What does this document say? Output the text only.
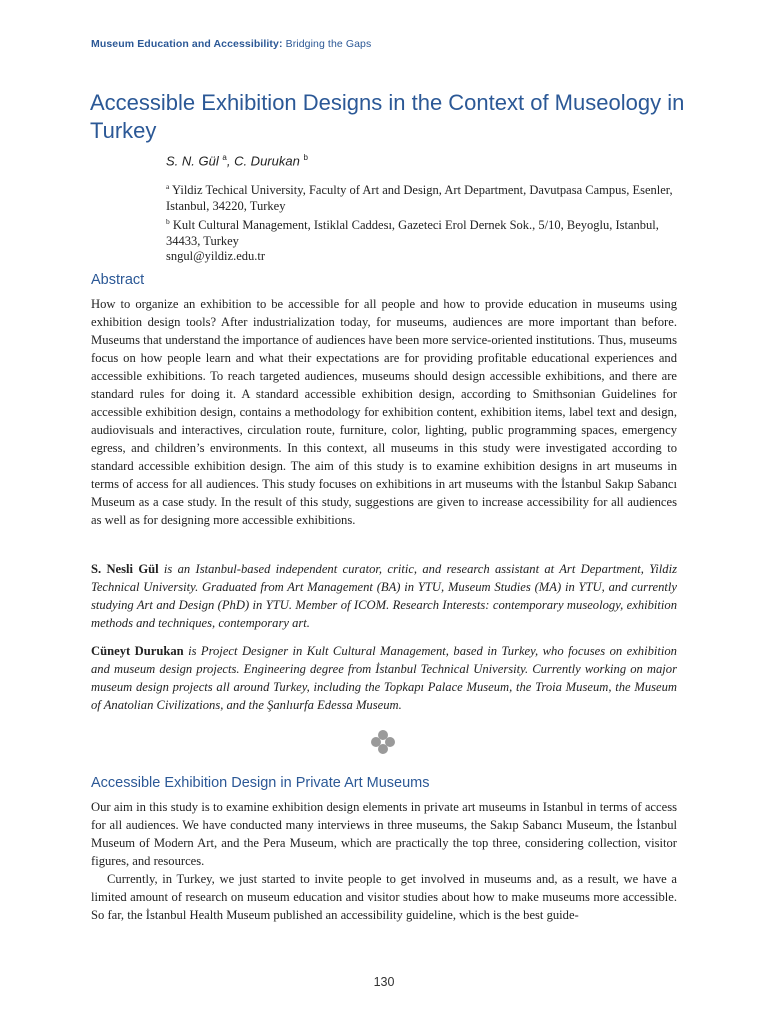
Museum Education and Accessibility: Bridging the Gaps
Accessible Exhibition Designs in the Context of Museology in Turkey
S. N. Gül $^a$, C. Durukan $^b$
$^a$ Yildiz Techical University, Faculty of Art and Design, Art Department, Davutpasa Campus, Esenler, Istanbul, 34220, Turkey
$^b$ Kult Cultural Management, Istiklal Caddesı, Gazeteci Erol Dernek Sok., 5/10, Beyoglu, Istanbul, 34433, Turkey
sngul@yildiz.edu.tr
Abstract

How to organize an exhibition to be accessible for all people and how to provide education in museums using exhibition design tools? After industrialization today, for museums, audiences are more important than before. Museums that understand the importance of audiences have been more service-oriented institutions. Thus, museums focus on how people learn and what their expectations are for providing profitable educational experiences and accessible exhibitions. To reach targeted audiences, museums should design accessible exhibitions, and there are standard rules for doing it. A standard accessible exhibition design, according to Smithsonian Guidelines for accessible exhibition design, contains a methodology for exhibition content, exhibition items, label text and design, audiovisuals and interactives, circulation route, furniture, color, lighting, public programming spaces, emergency egress, and children’s environments. In this context, all museums in this study were investigated according to standard accessible exhibition design. The aim of this study is to examine exhibition designs in art museums in terms of access for all audiences. This study focuses on exhibitions in art museums with the İstanbul Sakıp Sabancı Museum as a case study. In the result of this study, suggestions are given to increase accessibility for all audiences as well as for designing more accessible exhibitions.

S. Nesli Gül is an Istanbul-based independent curator, critic, and research assistant at Art Department, Yildiz Technical University. Graduated from Art Management (BA) in YTU, Museum Studies (MA) in YTU, and currently studying Art and Design (PhD) in YTU. Member of ICOM. Research Interests: contemporary museology, exhibition methods and techniques, contemporary art.

Cüneyt Durukan is Project Designer in Kult Cultural Management, based in Turkey, who focuses on exhibition and museum design projects. Engineering degree from İstanbul Technical University. Currently working on major museum design projects all around Turkey, including the Topkapı Palace Museum, the Troia Museum, the Museum of Anatolian Civilizations, and the Şanlıurfa Edessa Museum.

Accessible Exhibition Design in Private Art Museums

Our aim in this study is to examine exhibition design elements in private art museums in Istanbul in terms of access for all audiences. We have conducted many interviews in three museums, the Sakıp Sabancı Museum, the İstanbul Museum of Modern Art, and the Pera Museum, which are practically the top three, considering collection, visitor figures, and resources.

Currently, in Turkey, we just started to invite people to get involved in museums and, as a result, we have a limited amount of research on museum education and visitor studies about how to make museums more accessible. So far, the İstanbul Health Museum published an accessibility guideline, which is the best guide-

130
